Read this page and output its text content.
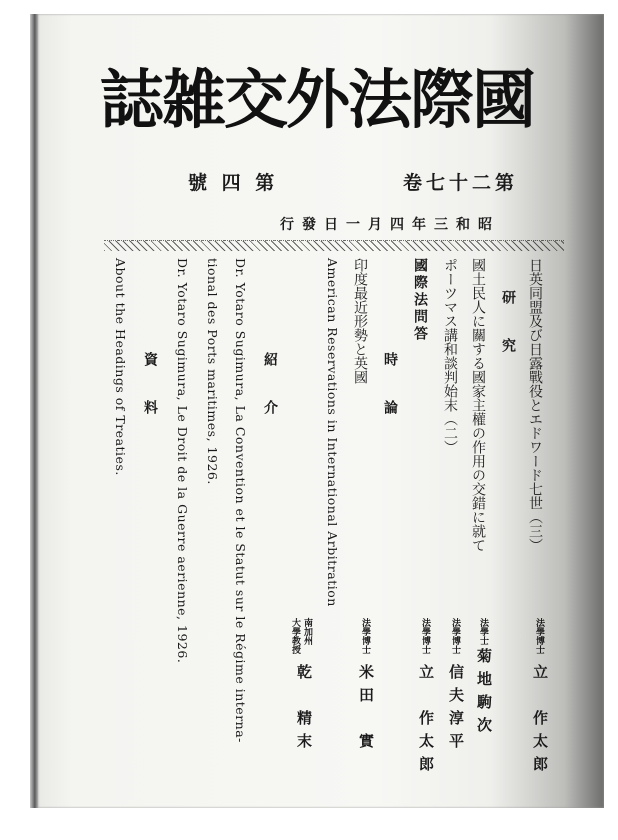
誌雑交外法際國
號 四 第	卷七十二第
行發日一月四年三和昭
研　究 日英同盟及び日露戰役とエドワード七世（三）
國土民人に關する國家主權の作用の交錯に就て
ポーツマス講和談判始末（二）
國際法問答
時　論
American Reservations in International Arbitration 印度最近形勢と英國
紹　介
Dr. Yotaro Sugimura, La Convention et le Statut sur le Régime interna-
tional des Ports maritimes, 1926.
Dr. Yotaro Sugimura, Le Droit de la Guerre aerienne, 1926.
資　料
About the Headings of Treaties.
法學博士
立　作太郎
法學士
菊地駒次
法學博士
信夫淳平
法學博士
立　作太郎
法學博士
米田　實
南加州
大學教授
乾　精末
